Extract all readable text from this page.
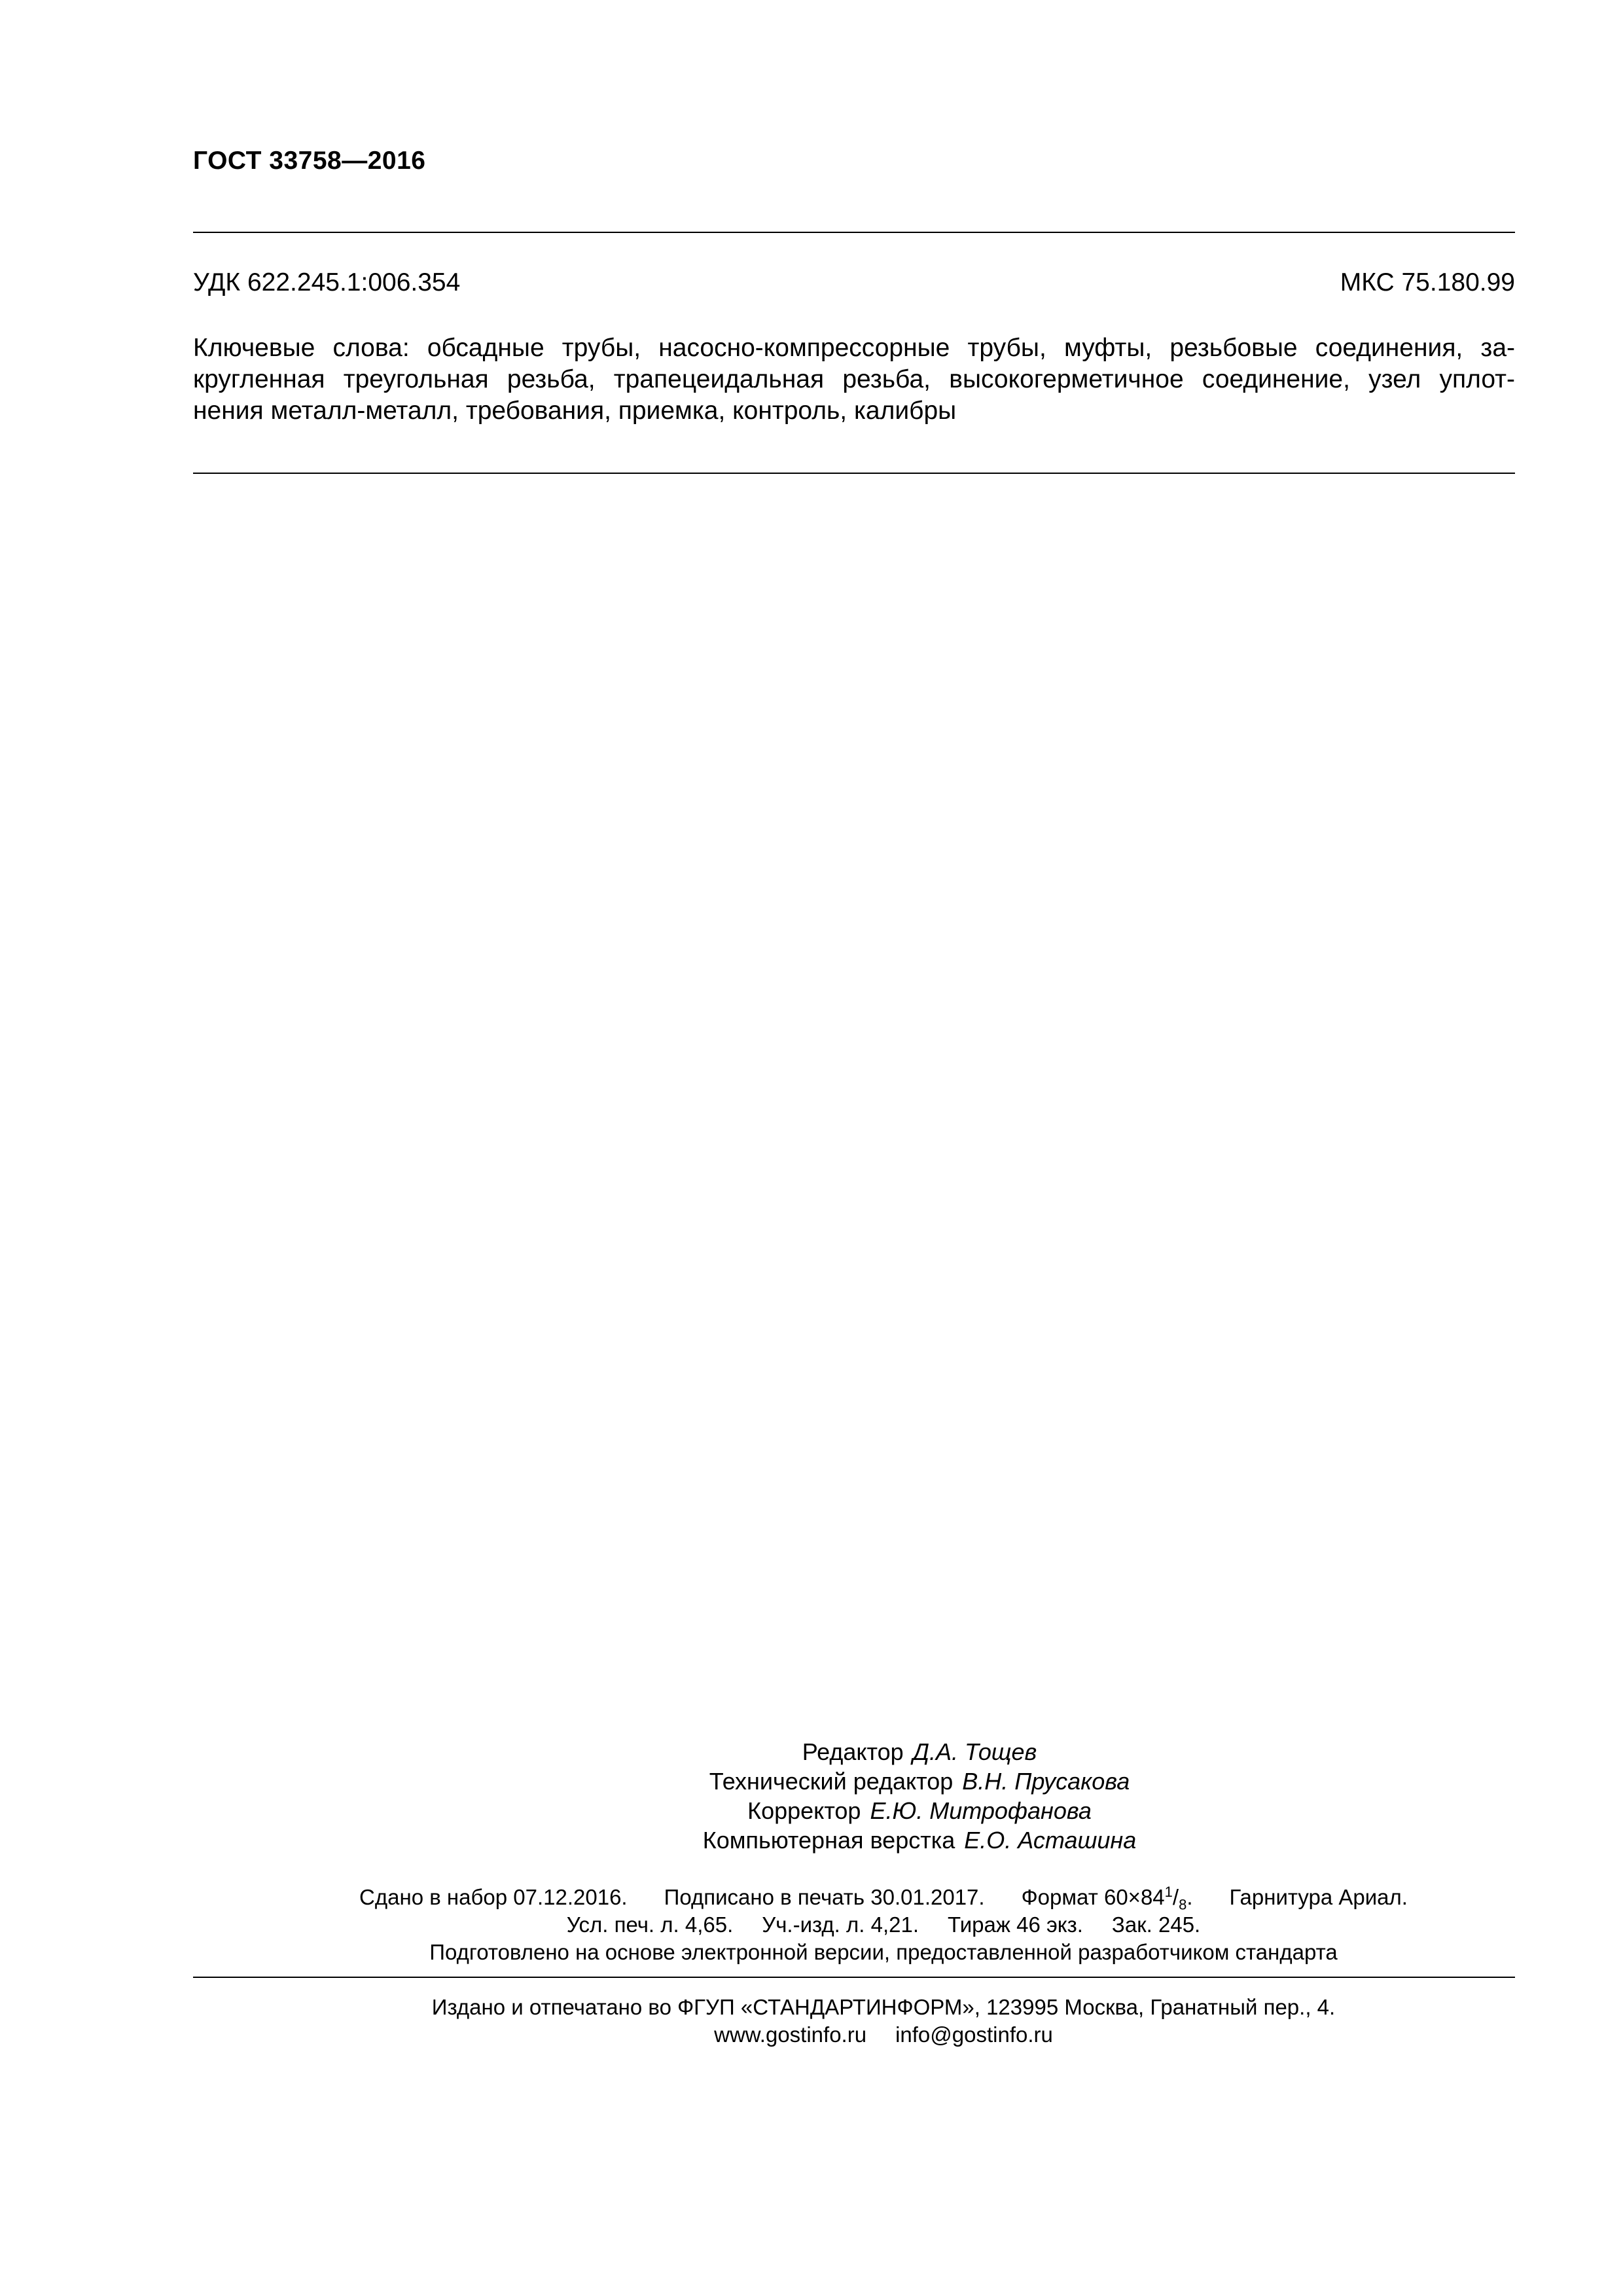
ГОСТ 33758—2016
УДК 622.245.1:006.354	МКС 75.180.99
Ключевые слова: обсадные трубы, насосно-компрессорные трубы, муфты, резьбовые соединения, за-
кругленная треугольная резьба, трапецеидальная резьба, высокогерметичное соединение, узел уплот-
нения металл-металл, требования, приемка, контроль, калибры
Редактор Д.А. Тощев
Технический редактор В.Н. Прусакова
Корректор Е.Ю. Митрофанова
Компьютерная верстка Е.О. Асташина
Сдано в набор 07.12.2016. Подписано в печать 30.01.2017. Формат $60\times 84^1/_8$. Гарнитура Ариал.
Усл. печ. л. 4,65. Уч.-изд. л. 4,21. Тираж 46 экз. Зак. 245.
Подготовлено на основе электронной версии, предоставленной разработчиком стандарта
Издано и отпечатано во ФГУП «СТАНДАРТИНФОРМ», 123995 Москва, Гранатный пер., 4.
www.gostinfo.ru info@gostinfo.ru
